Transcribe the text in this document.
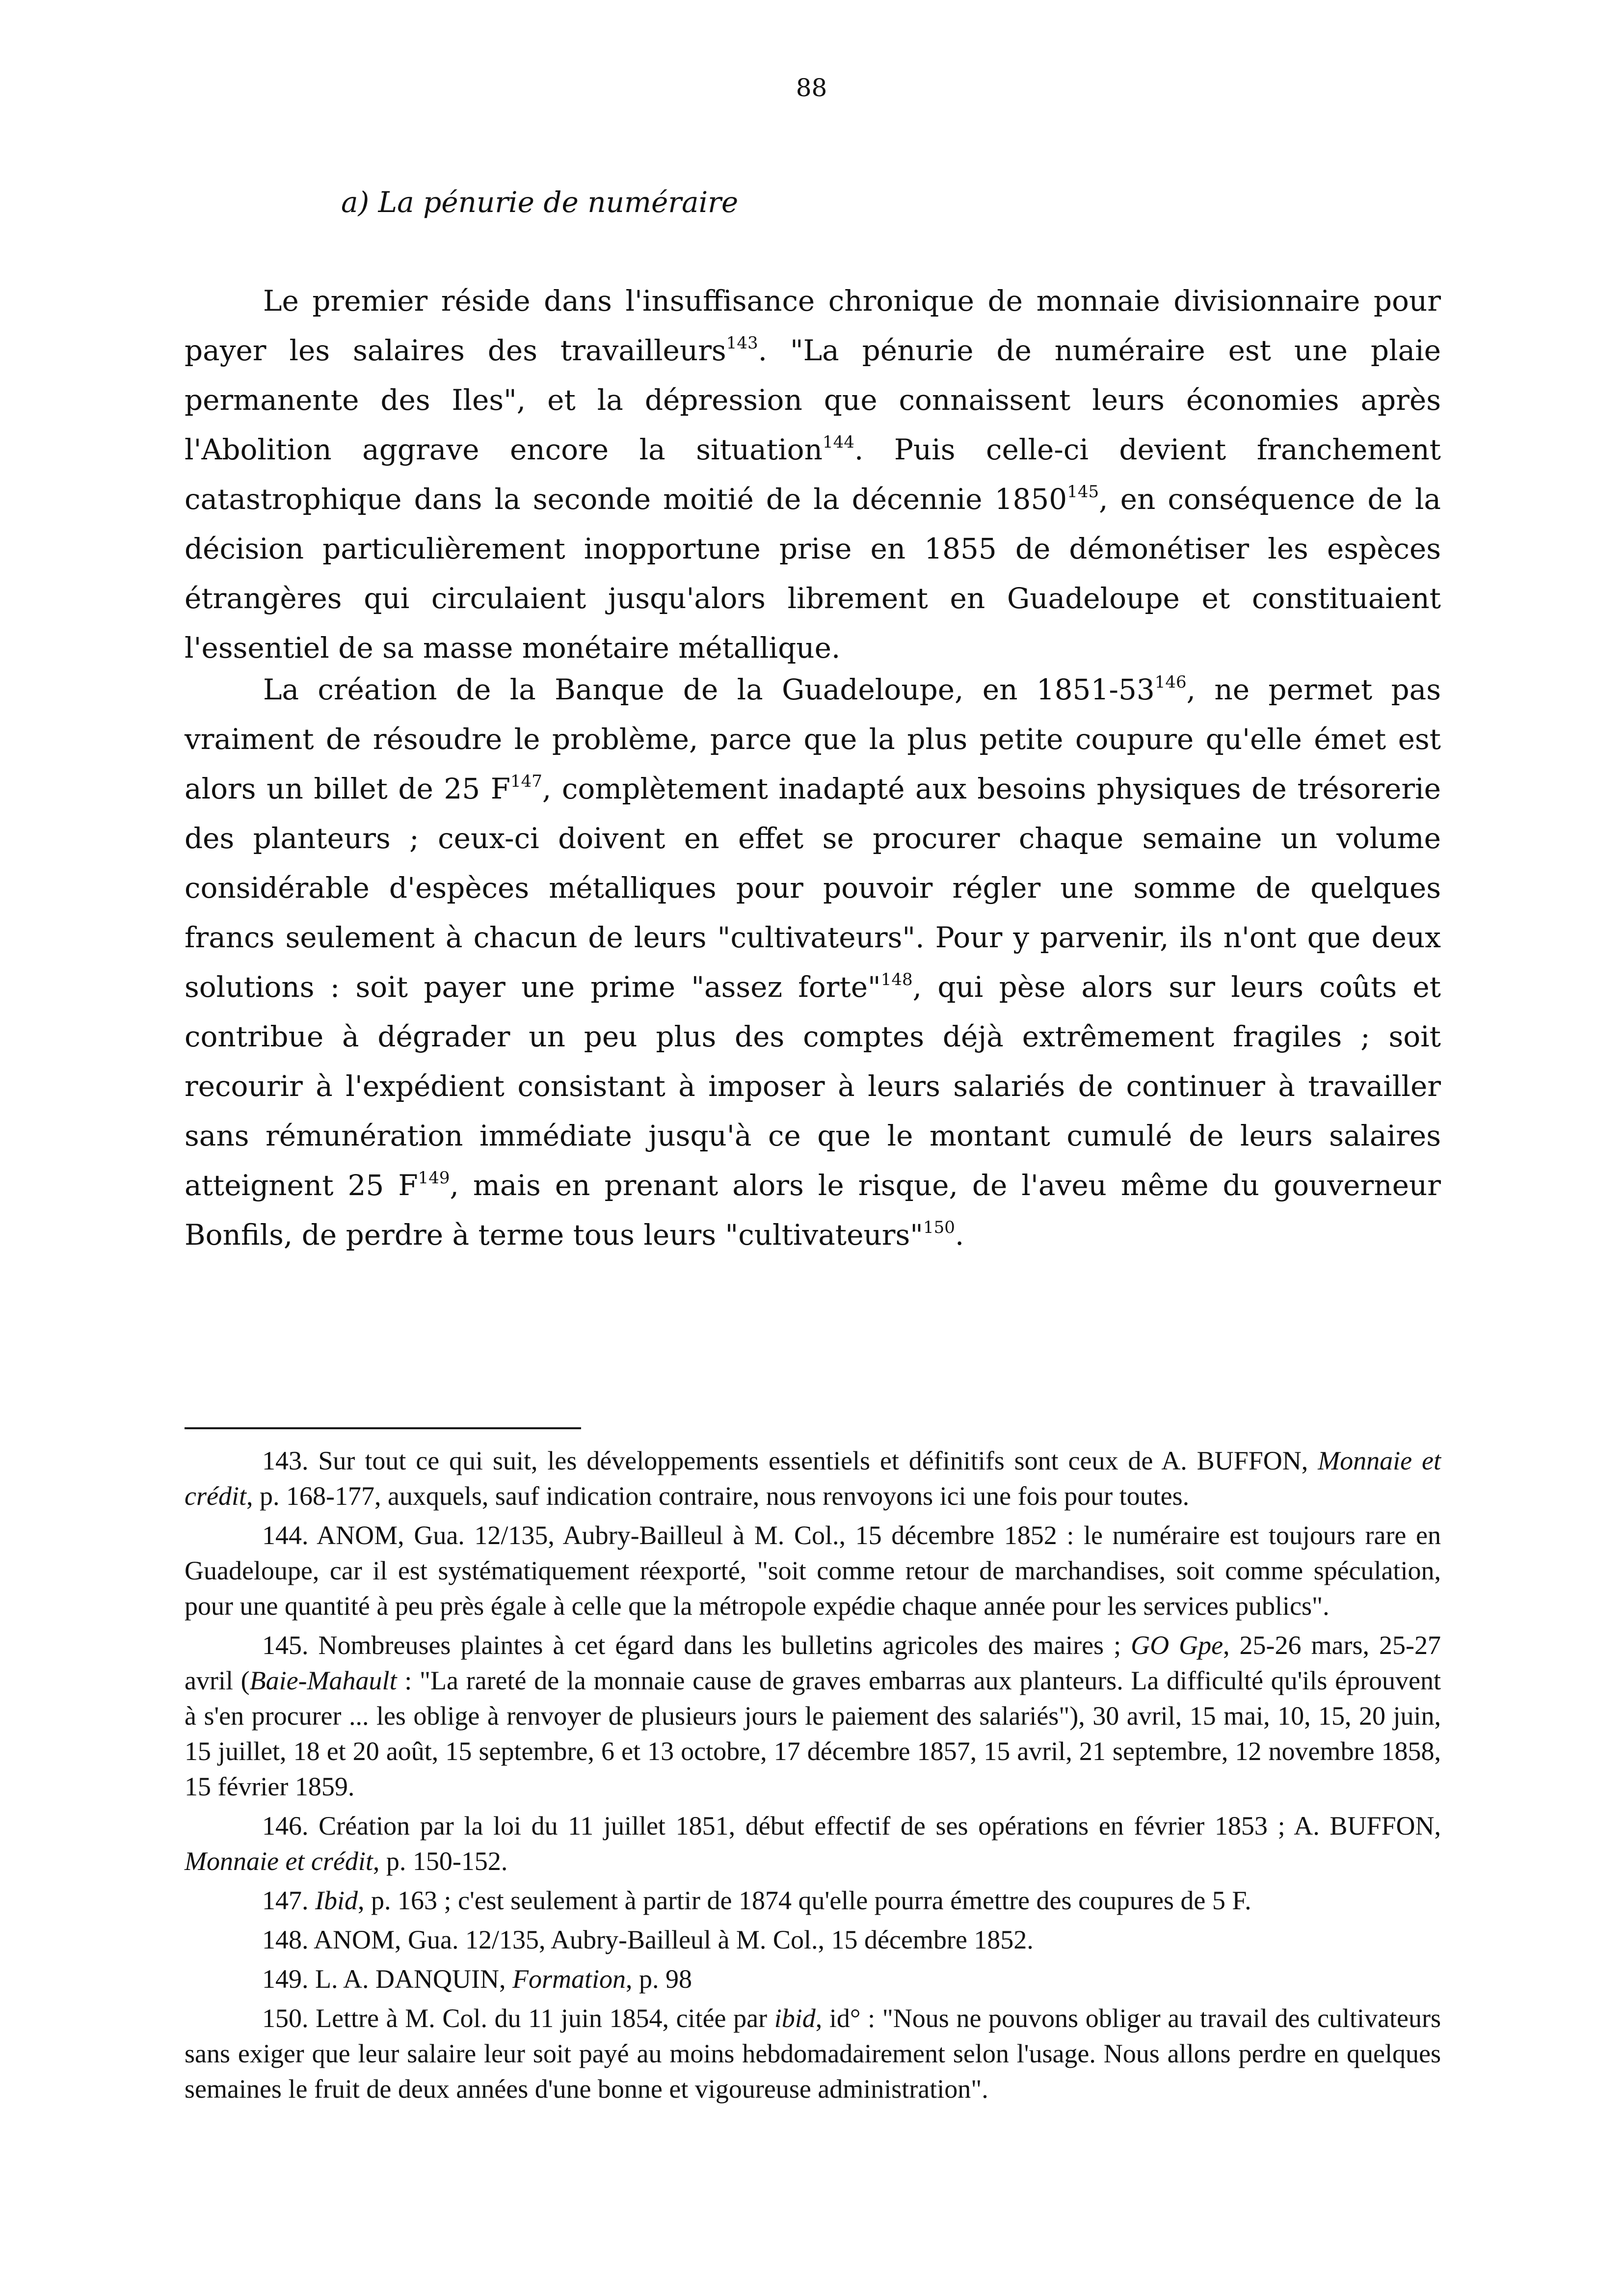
88
a) La pénurie de numéraire

Le premier réside dans l'insuffisance chronique de monnaie divisionnaire pour payer les salaires des travailleurs$^{143}$. "La pénurie de numéraire est une plaie permanente des Iles", et la dépression que connaissent leurs économies après l'Abolition aggrave encore la situation$^{144}$. Puis celle-ci devient franchement catastrophique dans la seconde moitié de la décennie 1850$^{145}$, en conséquence de la décision particulièrement inopportune prise en 1855 de démonétiser les espèces étrangères qui circulaient jusqu'alors librement en Guadeloupe et constituaient l'essentiel de sa masse monétaire métallique.

La création de la Banque de la Guadeloupe, en $1851-53^{146}$, ne permet pas vraiment de résoudre le problème, parce que la plus petite coupure qu'elle émet est alors un billet de 25 $F^{147}$, complètement inadapté aux besoins physiques de trésorerie des planteurs ; ceux-ci doivent en effet se procurer chaque semaine un volume considérable d'espèces métalliques pour pouvoir régler une somme de quelques francs seulement à chacun de leurs "cultivateurs". Pour y parvenir, ils n'ont que deux solutions : soit payer une prime "assez forte"$^{148}$, qui pèse alors sur leurs coûts et contribue à dégrader un peu plus des comptes déjà extrêmement fragiles ; soit recourir à l'expédient consistant à imposer à leurs salariés de continuer à travailler sans rémunération immédiate jusqu'à ce que le montant cumulé de leurs salaires atteignent 25 $F^{149}$, mais en prenant alors le risque, de l'aveu même du gouverneur Bonfils, de perdre à terme tous leurs "cultivateurs"$^{150}$.

143. Sur tout ce qui suit, les développements essentiels et définitifs sont ceux de A. BUFFON, Monnaie et crédit, p. 168-177, auxquels, sauf indication contraire, nous renvoyons ici une fois pour toutes.

144. ANOM, Gua. 12/135, Aubry-Bailleul à M. Col., 15 décembre 1852 : le numéraire est toujours rare en Guadeloupe, car il est systématiquement réexporté, "soit comme retour de marchandises, soit comme spéculation, pour une quantité à peu près égale à celle que la métropole expédie chaque année pour les services publics".

145. Nombreuses plaintes à cet égard dans les bulletins agricoles des maires ; GO Gpe, 25-26 mars, 25-27 avril (Baie-Mahault : "La rareté de la monnaie cause de graves embarras aux planteurs. La difficulté qu'ils éprouvent à s'en procurer ... les oblige à renvoyer de plusieurs jours le paiement des salariés"), 30 avril, 15 mai, 10, 15, 20 juin, 15 juillet, 18 et 20 août, 15 septembre, 6 et 13 octobre, 17 décembre 1857, 15 avril, 21 septembre, 12 novembre 1858, 15 février 1859.

146. Création par la loi du 11 juillet 1851, début effectif de ses opérations en février 1853 ; A. BUFFON, Monnaie et crédit, p. 150-152.

147. Ibid, p. 163 ; c'est seulement à partir de 1874 qu'elle pourra émettre des coupures de 5 F.

148. ANOM, Gua. 12/135, Aubry-Bailleul à M. Col., 15 décembre 1852.

149. L. A. DANQUIN, Formation, p. 98

150. Lettre à M. Col. du 11 juin 1854, citée par ibid, id° : "Nous ne pouvons obliger au travail des cultivateurs sans exiger que leur salaire leur soit payé au moins hebdomadairement selon l'usage. Nous allons perdre en quelques semaines le fruit de deux années d'une bonne et vigoureuse administration".
